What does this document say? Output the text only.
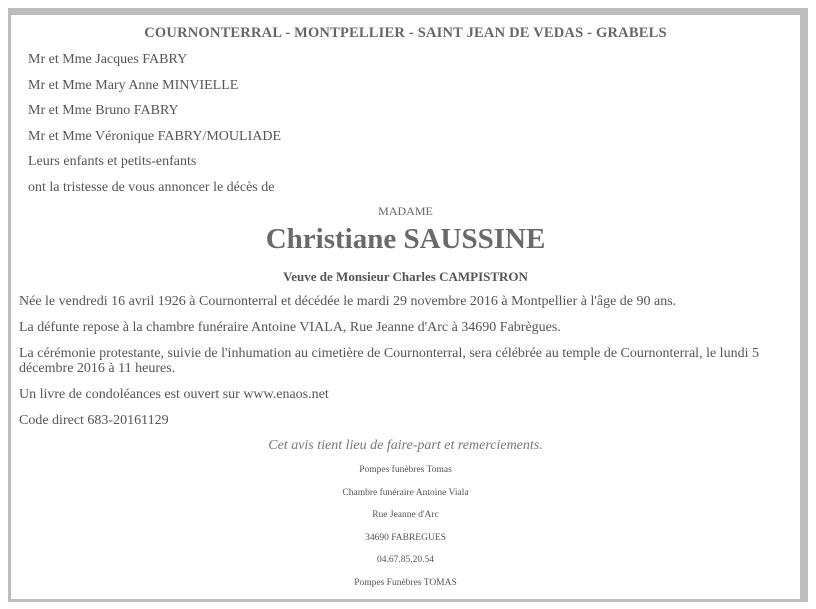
COURNONTERRAL - MONTPELLIER - SAINT JEAN DE VEDAS - GRABELS
Mr et Mme Jacques FABRY
Mr et Mme Mary Anne MINVIELLE
Mr et Mme Bruno FABRY
Mr et Mme Véronique FABRY/MOULIADE
Leurs enfants et petits-enfants
ont la tristesse de vous annoncer le décès de
MADAME
Christiane SAUSSINE
Veuve de Monsieur Charles CAMPISTRON
Née le vendredi 16 avril 1926 à Cournonterral et décédée le mardi 29 novembre 2016 à Montpellier à l'âge de 90 ans.
La défunte repose à la chambre funéraire Antoine VIALA, Rue Jeanne d'Arc à 34690 Fabrègues.
La cérémonie protestante, suivie de l'inhumation au cimetière de Cournonterral, sera célébrée au temple de Cournonterral, le lundi 5 décembre 2016 à 11 heures.
Un livre de condoléances est ouvert sur www.enaos.net
Code direct 683-20161129
Cet avis tient lieu de faire-part et remerciements.
Pompes funèbres Tomas
Chambre funéraire Antoine Viala
Rue Jeanne d'Arc
34690 FABREGUES
04.67.85.20.54
Pompes Funèbres TOMAS
